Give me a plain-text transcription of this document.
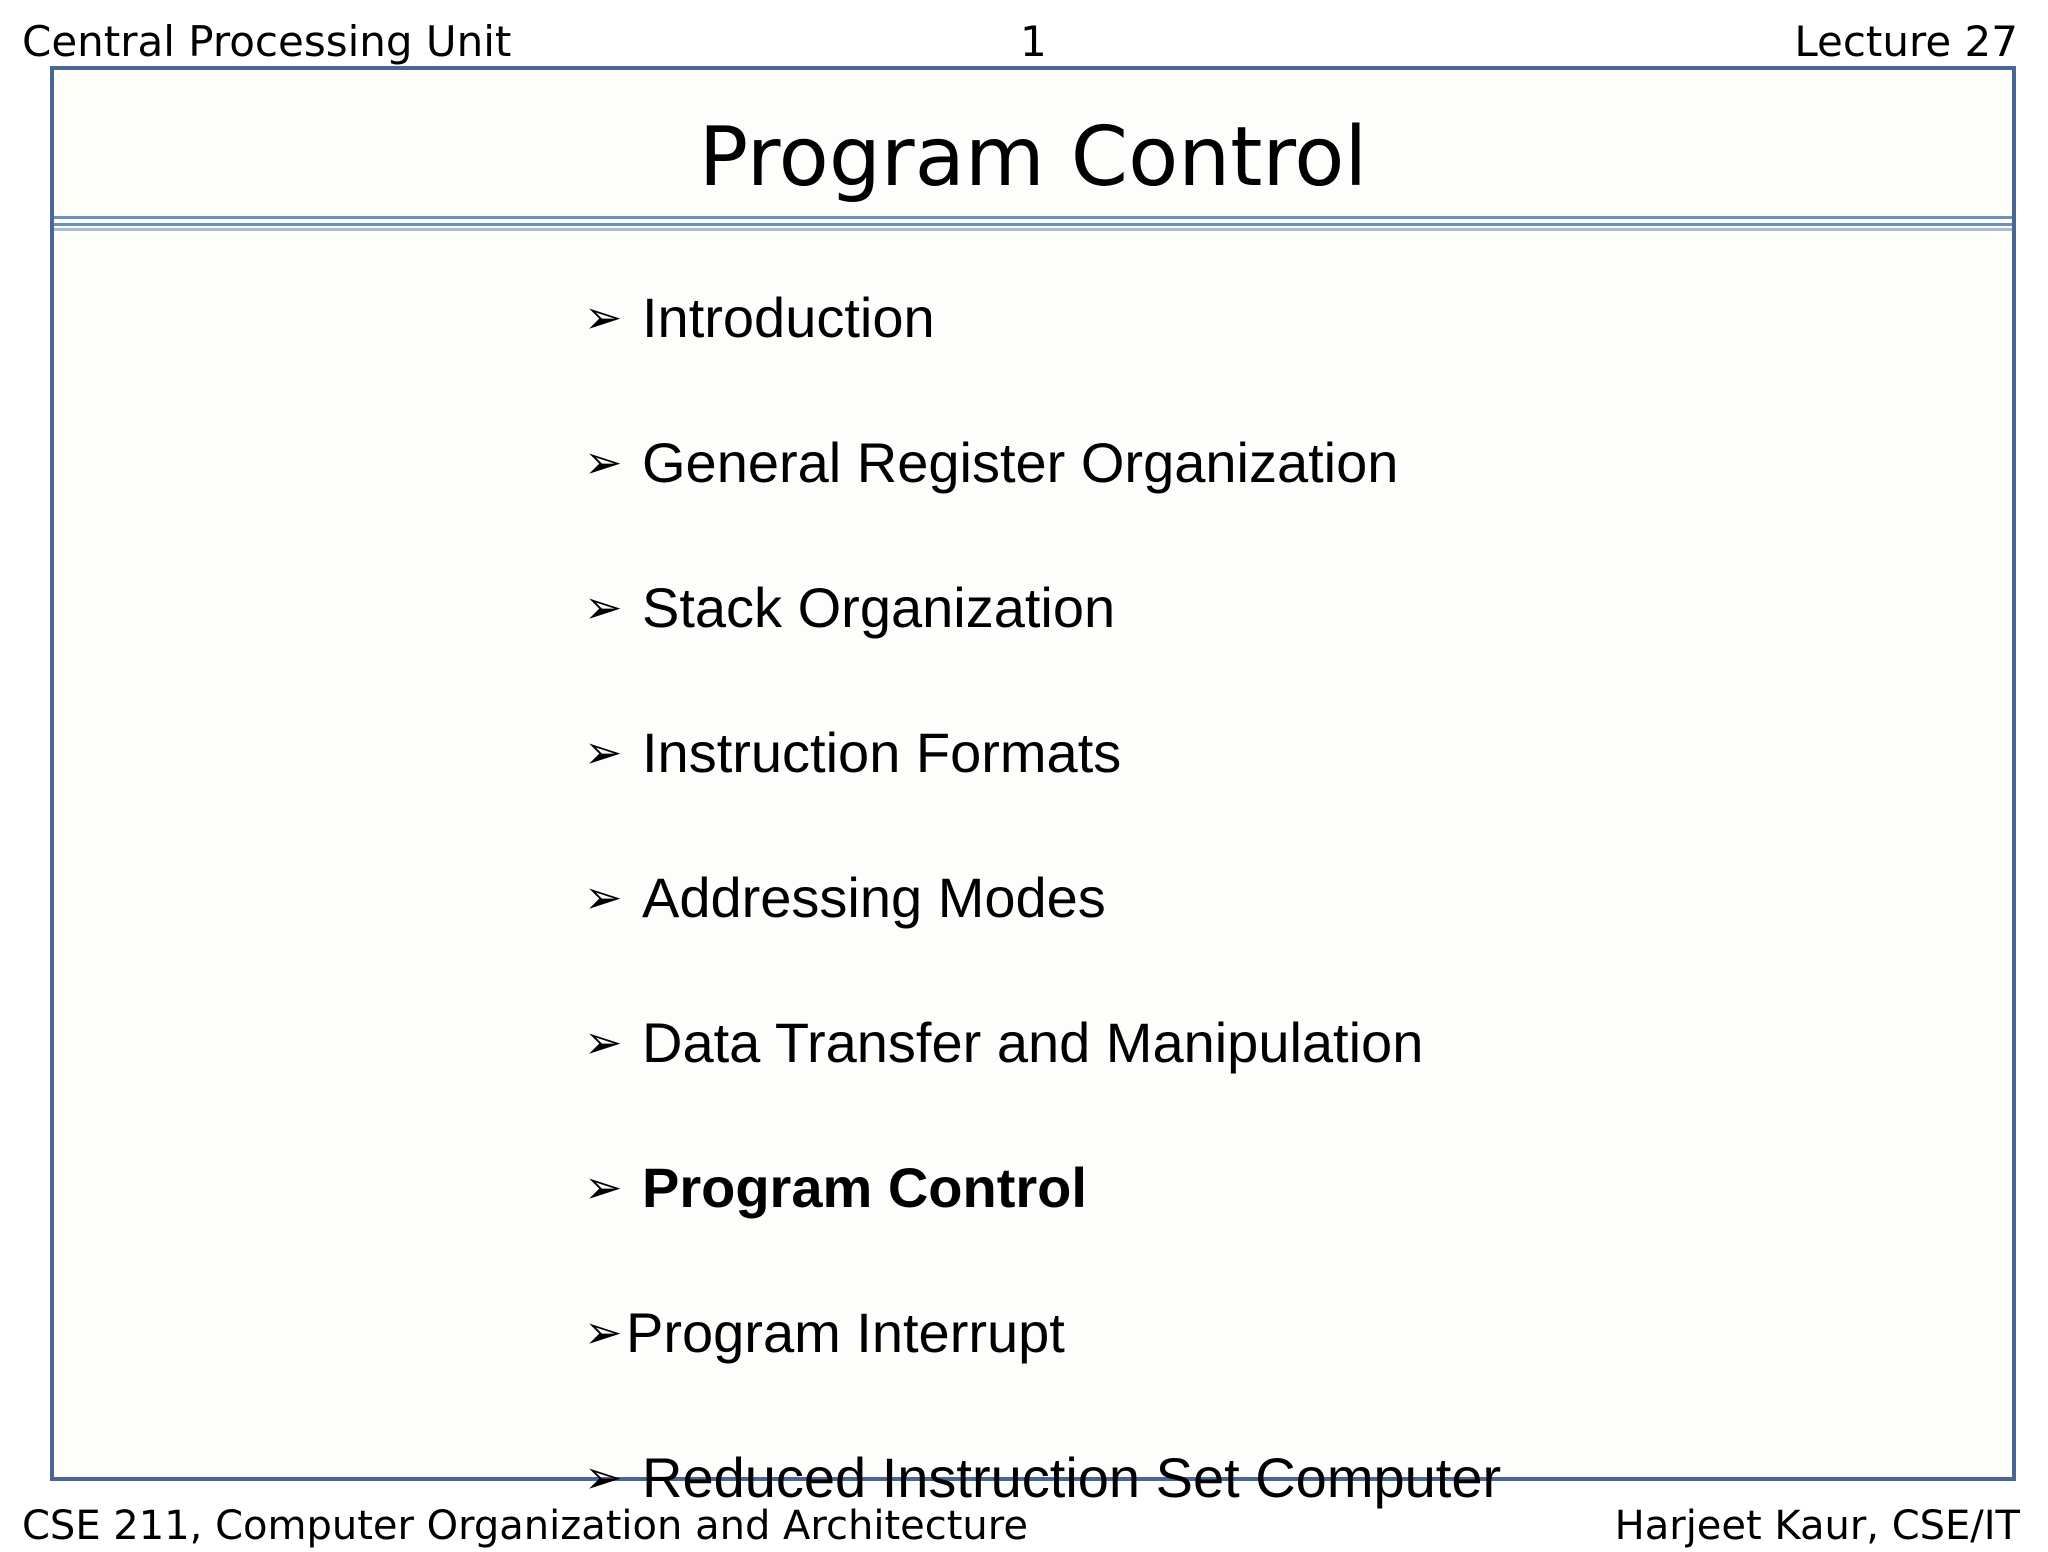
Central Processing Unit	1	Lecture 27
Program Control
➢ Introduction
➢ General Register Organization
➢ Stack Organization
➢ Instruction Formats
➢ Addressing Modes
➢ Data Transfer and Manipulation
➢ Program Control
➢Program Interrupt
➢ Reduced Instruction Set Computer
CSE 211, Computer Organization and Architecture	Harjeet Kaur, CSE/IT
